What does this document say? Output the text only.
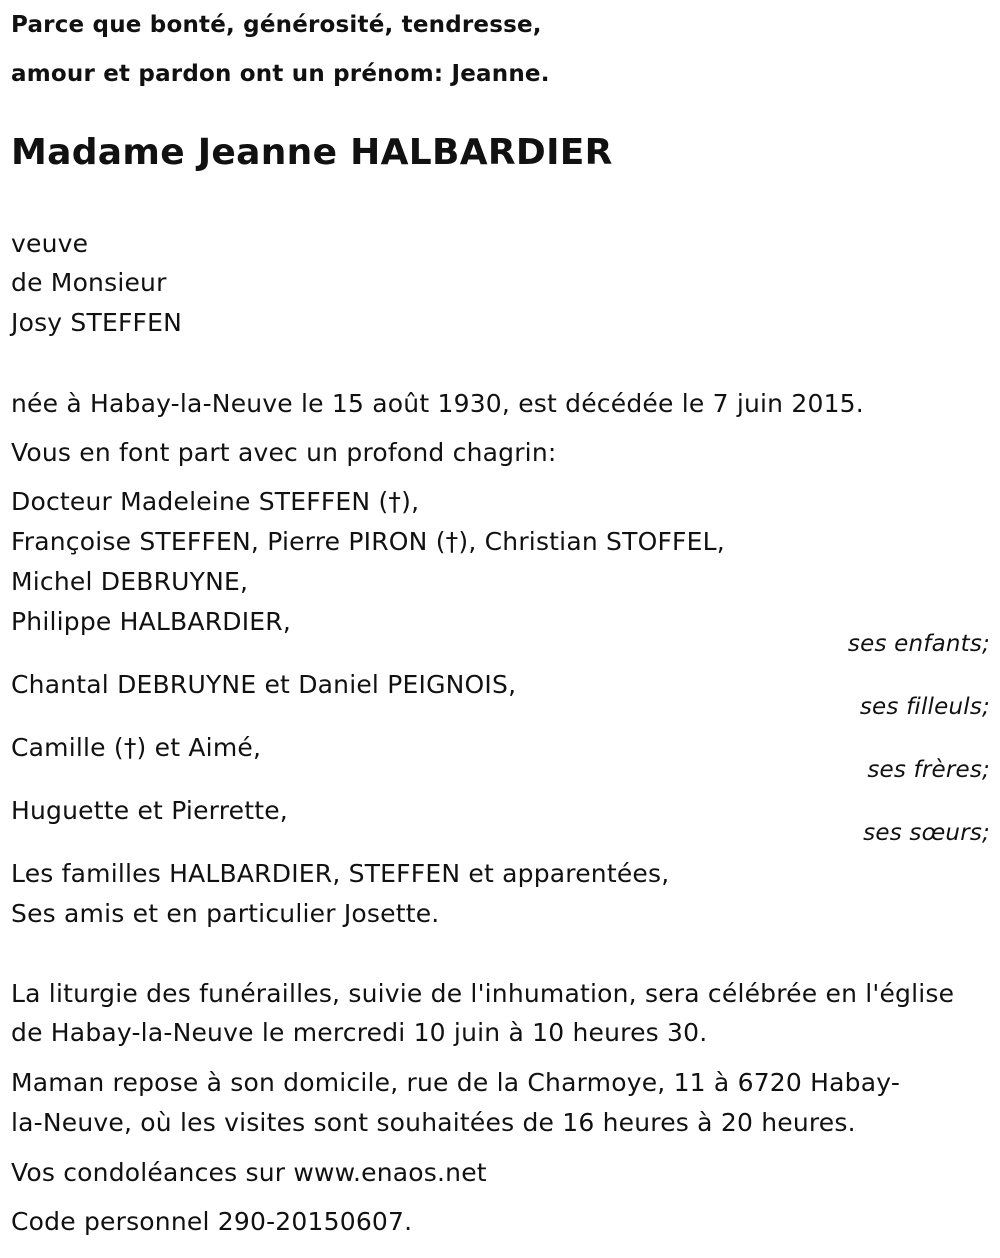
Parce que bonté, générosité, tendresse,
amour et pardon ont un prénom: Jeanne.
Madame Jeanne HALBARDIER
veuve
de Monsieur
Josy STEFFEN
née à Habay-la-Neuve le 15 août 1930, est décédée le 7 juin 2015.
Vous en font part avec un profond chagrin:
Docteur Madeleine STEFFEN (†),
Françoise STEFFEN, Pierre PIRON (†), Christian STOFFEL,
Michel DEBRUYNE,
Philippe HALBARDIER,
ses enfants;
Chantal DEBRUYNE et Daniel PEIGNOIS,
ses filleuls;
Camille (†) et Aimé,
ses frères;
Huguette et Pierrette,
ses sœurs;
Les familles HALBARDIER, STEFFEN et apparentées,
Ses amis et en particulier Josette.
La liturgie des funérailles, suivie de l'inhumation, sera célébrée en l'église
de Habay-la-Neuve le mercredi 10 juin à 10 heures 30.
Maman repose à son domicile, rue de la Charmoye, 11 à 6720 Habay-
la-Neuve, où les visites sont souhaitées de 16 heures à 20 heures.
Vos condoléances sur www.enaos.net
Code personnel 290-20150607.
